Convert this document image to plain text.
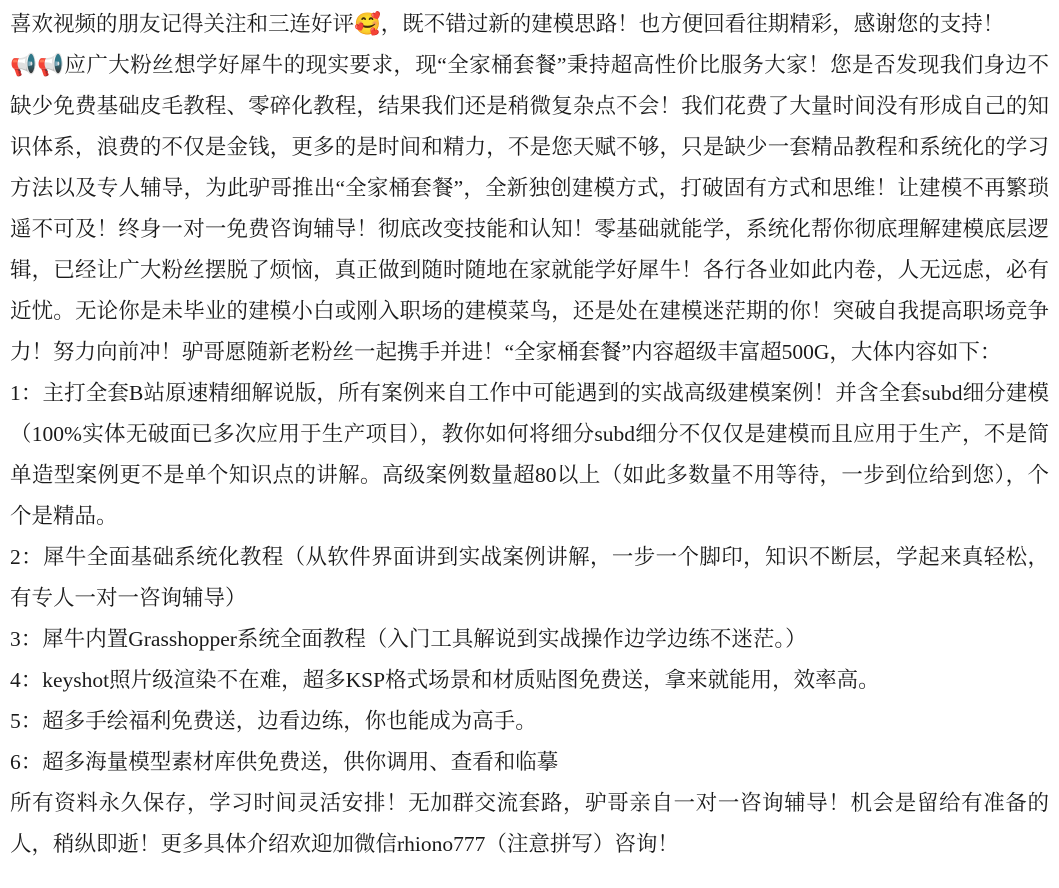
喜欢视频的朋友记得关注和三连好评🥰，既不错过新的建模思路！也方便回看往期精彩，感谢您的支持！

📢📢应广大粉丝想学好犀牛的现实要求，现“全家桶套餐”秉持超高性价比服务大家！您是否发现我们身边不缺少免费基础皮毛教程、零碎化教程，结果我们还是稍微复杂点不会！我们花费了大量时间没有形成自己的知识体系，浪费的不仅是金钱，更多的是时间和精力，不是您天赋不够，只是缺少一套精品教程和系统化的学习方法以及专人辅导，为此驴哥推出“全家桶套餐”，全新独创建模方式，打破固有方式和思维！让建模不再繁琐遥不可及！终身一对一免费咨询辅导！彻底改变技能和认知！零基础就能学，系统化帮你彻底理解建模底层逻辑，已经让广大粉丝摆脱了烦恼，真正做到随时随地在家就能学好犀牛！各行各业如此内卷，人无远虑，必有近忧。无论你是未毕业的建模小白或刚入职场的建模菜鸟，还是处在建模迷茫期的你！突破自我提高职场竞争力！努力向前冲！驴哥愿随新老粉丝一起携手并进！“全家桶套餐”内容超级丰富超500G，大体内容如下：

1：主打全套B站原速精细解说版，所有案例来自工作中可能遇到的实战高级建模案例！并含全套subd细分建模（100%实体无破面已多次应用于生产项目），教你如何将细分subd细分不仅仅是建模而且应用于生产，不是简单造型案例更不是单个知识点的讲解。高级案例数量超80以上（如此多数量不用等待，一步到位给到您），个个是精品。

2：犀牛全面基础系统化教程（从软件界面讲到实战案例讲解，一步一个脚印，知识不断层，学起来真轻松，有专人一对一咨询辅导）

3：犀牛内置Grasshopper系统全面教程（入门工具解说到实战操作边学边练不迷茫。）

4：keyshot照片级渲染不在难，超多KSP格式场景和材质贴图免费送，拿来就能用，效率高。

5：超多手绘福利免费送，边看边练，你也能成为高手。

6：超多海量模型素材库供免费送，供你调用、查看和临摹

所有资料永久保存，学习时间灵活安排！无加群交流套路，驴哥亲自一对一咨询辅导！机会是留给有准备的人，稍纵即逝！更多具体介绍欢迎加微信rhiono777（注意拼写）咨询！
